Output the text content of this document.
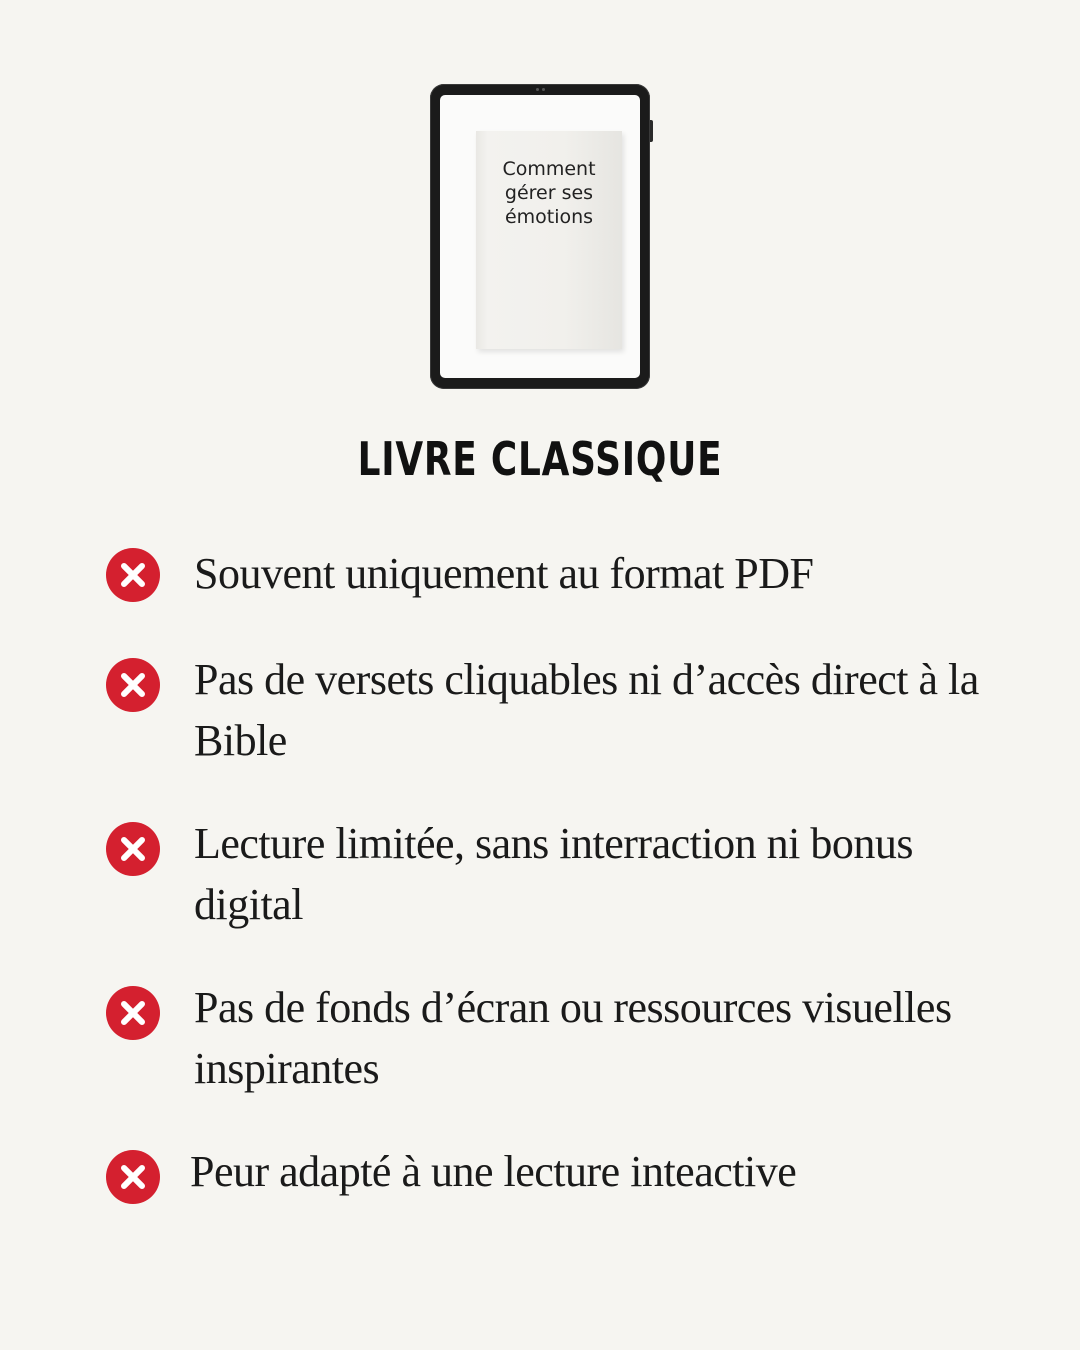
Comment
gérer ses
émotions
LIVRE CLASSIQUE
Souvent uniquement au format PDF
Pas de versets cliquables ni d’accès direct à la Bible
Lecture limitée, sans interraction ni bonus digital
Pas de fonds d’écran ou ressources visuelles inspirantes
Peur adapté à une lecture inteactive
